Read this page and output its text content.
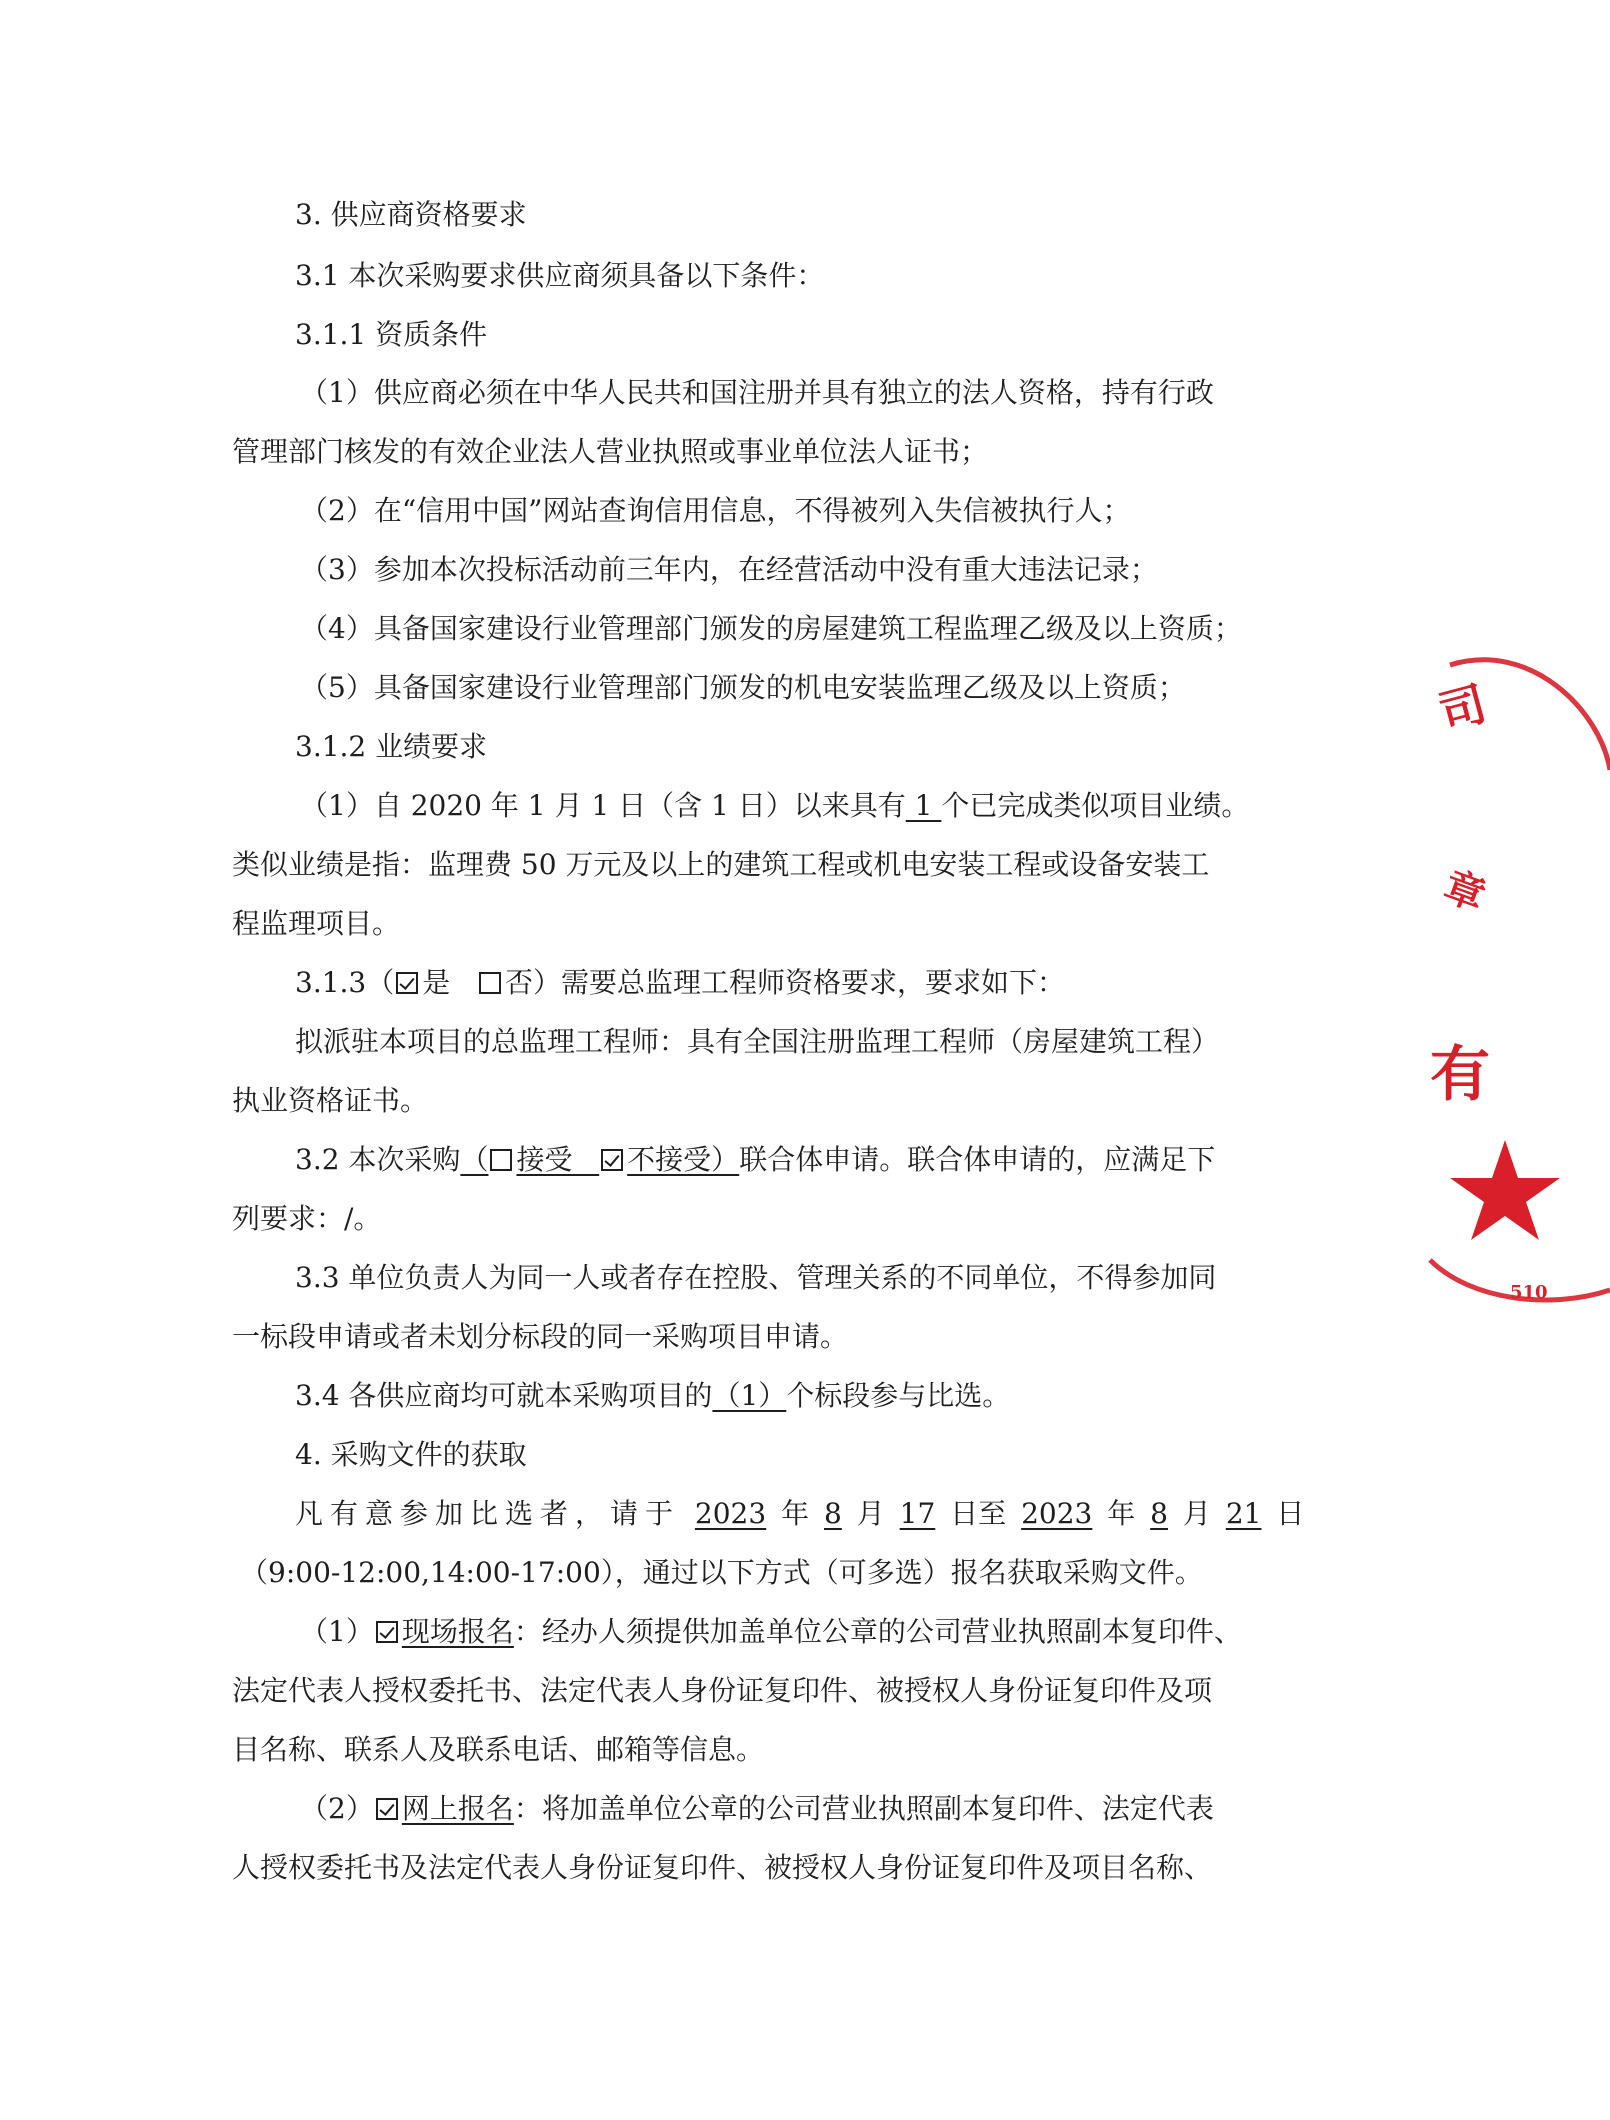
3. 供应商资格要求

3.1 本次采购要求供应商须具备以下条件：

3.1.1 资质条件

（1）供应商必须在中华人民共和国注册并具有独立的法人资格，持有行政

管理部门核发的有效企业法人营业执照或事业单位法人证书；

（2）在“信用中国”网站查询信用信息，不得被列入失信被执行人；

（3）参加本次投标活动前三年内，在经营活动中没有重大违法记录；

（4）具备国家建设行业管理部门颁发的房屋建筑工程监理乙级及以上资质；

（5）具备国家建设行业管理部门颁发的机电安装监理乙级及以上资质；

3.1.2 业绩要求

（1）自 2020 年 1 月 1 日（含 1 日）以来具有 1 个已完成类似项目业绩。

类似业绩是指：监理费 50 万元及以上的建筑工程或机电安装工程或设备安装工

程监理项目。

3.1.3（ 是 否）需要总监理工程师资格要求，要求如下：

拟派驻本项目的总监理工程师：具有全国注册监理工程师（房屋建筑工程）

执业资格证书。

3.2 本次采购（ 接受 不接受）联合体申请。联合体申请的，应满足下

列要求：/。

3.3 单位负责人为同一人或者存在控股、管理关系的不同单位，不得参加同

一标段申请或者未划分标段的同一采购项目申请。

3.4 各供应商均可就本采购项目的（1）个标段参与比选。

4. 采购文件的获取

凡有意参加比选者，请于 2023 年 8 月 17 日至 2023 年 8 月 21 日

（9:00-12:00,14:00-17:00），通过以下方式（可多选）报名获取采购文件。

（1） 现场报名：经办人须提供加盖单位公章的公司营业执照副本复印件、

法定代表人授权委托书、法定代表人身份证复印件、被授权人身份证复印件及项

目名称、联系人及联系电话、邮箱等信息。

（2） 网上报名：将加盖单位公章的公司营业执照副本复印件、法定代表

人授权委托书及法定代表人身份证复印件、被授权人身份证复印件及项目名称、

司
章
有
510
